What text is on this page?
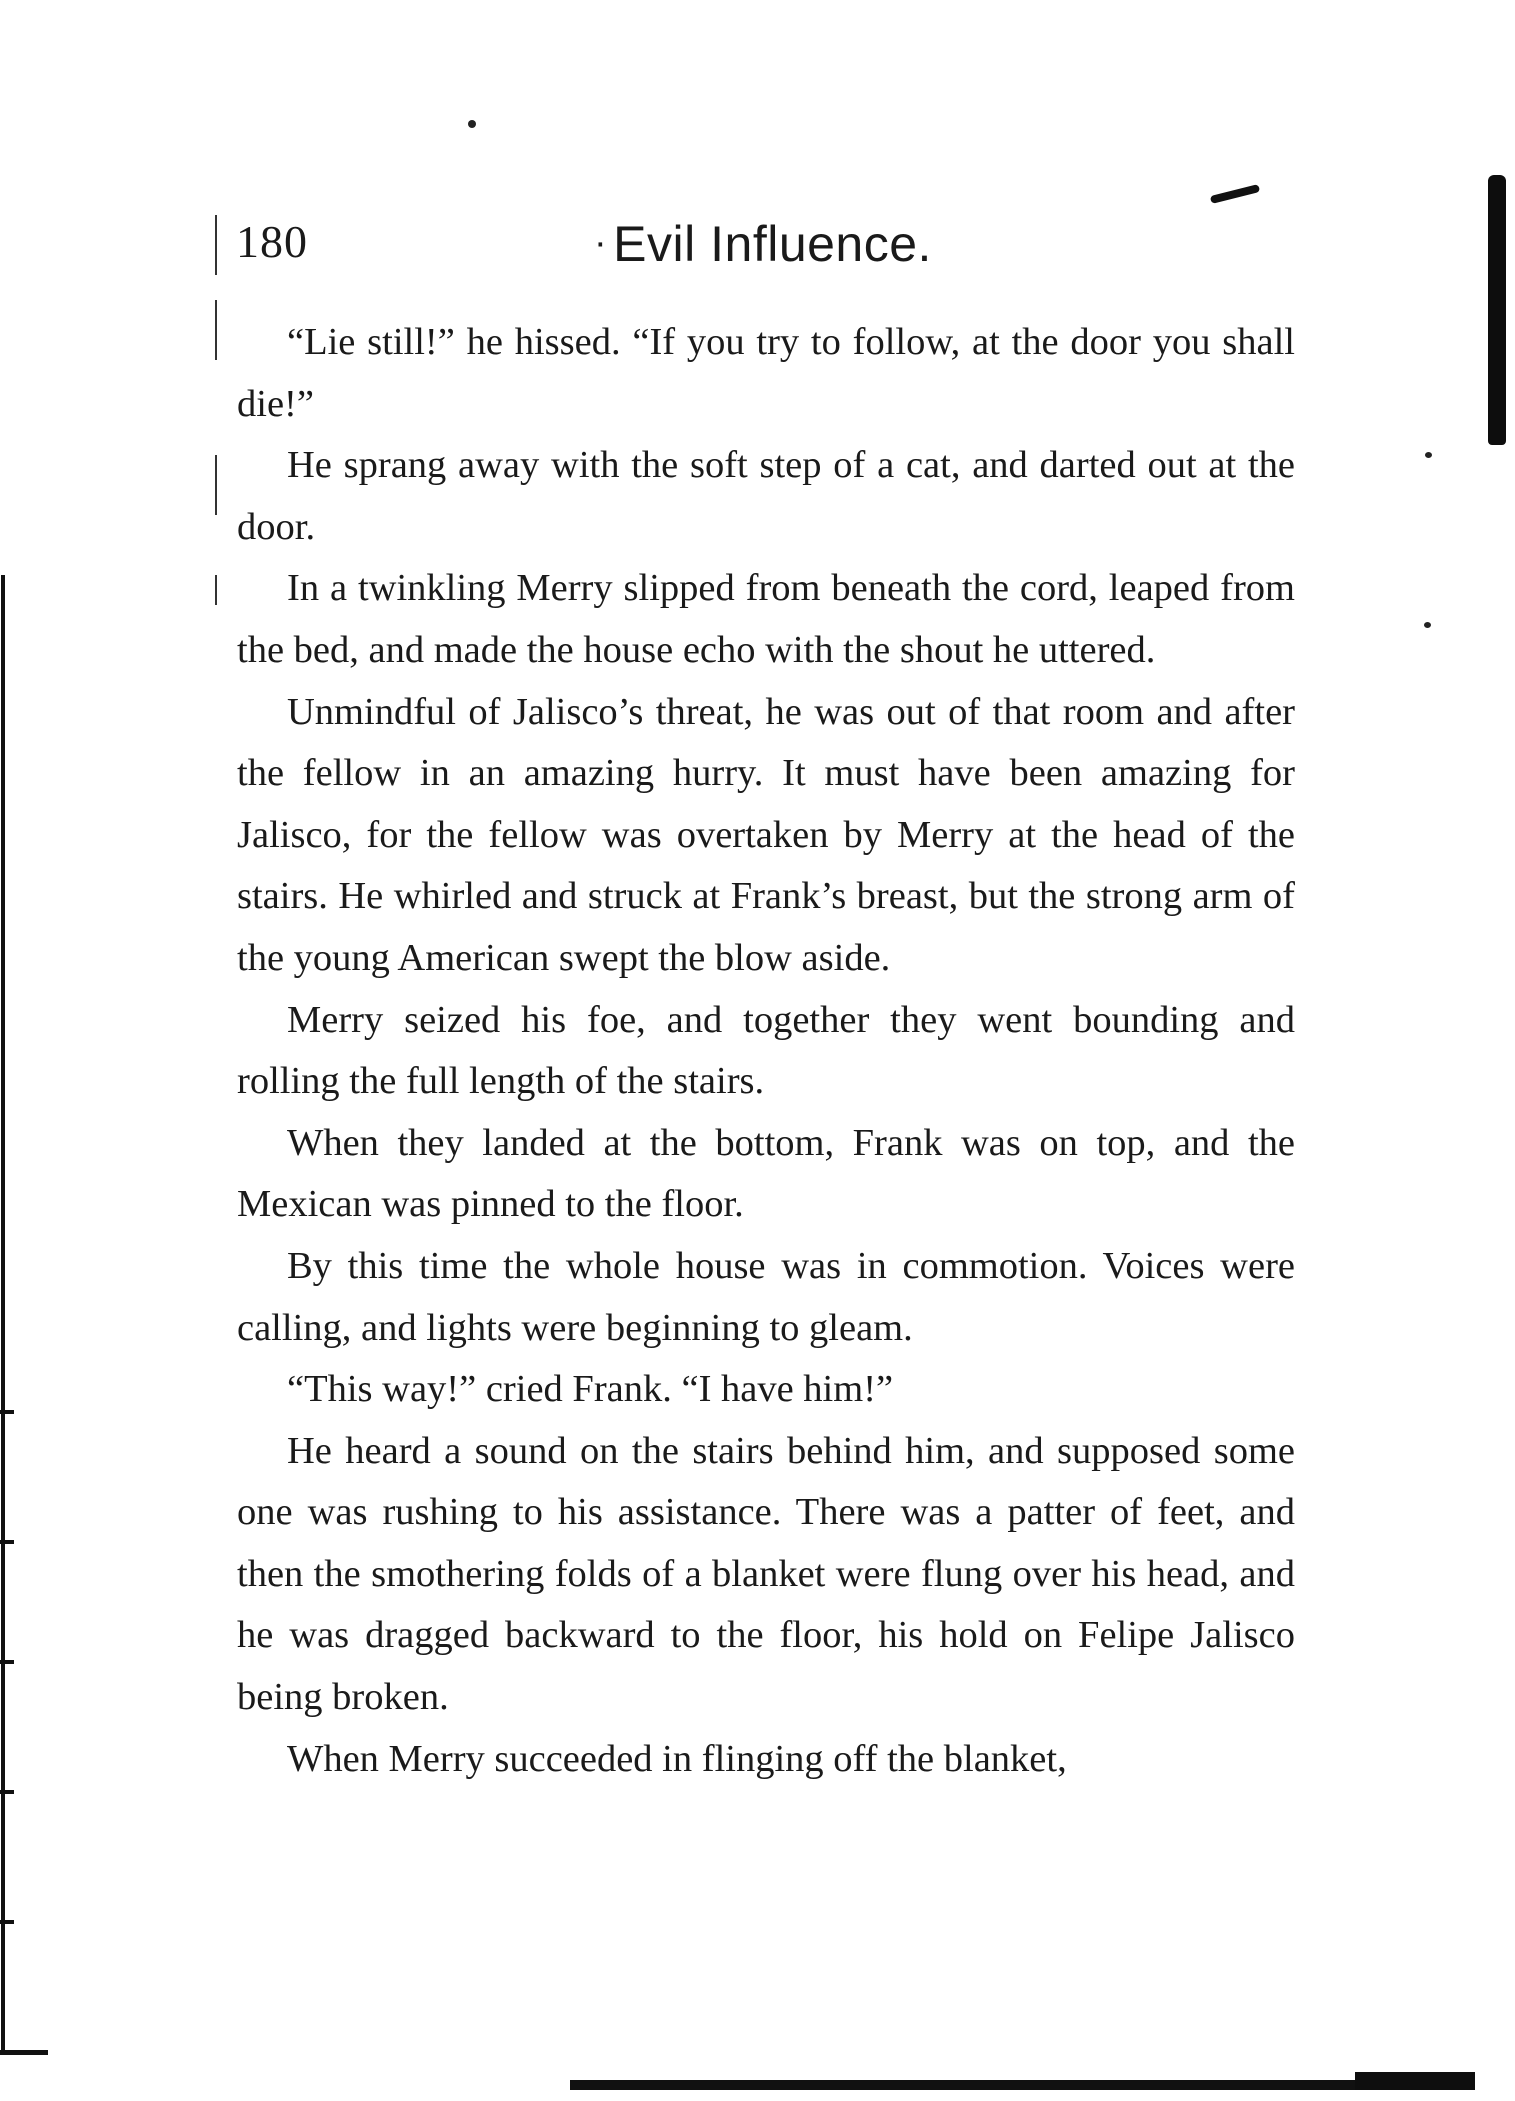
180	· Evil Influence.

“Lie still!” he hissed. “If you try to follow, at the door you shall die!”

He sprang away with the soft step of a cat, and darted out at the door.

In a twinkling Merry slipped from beneath the cord, leaped from the bed, and made the house echo with the shout he uttered.

Unmindful of Jalisco’s threat, he was out of that room and after the fellow in an amazing hurry. It must have been amazing for Jalisco, for the fellow was overtaken by Merry at the head of the stairs. He whirled and struck at Frank’s breast, but the strong arm of the young American swept the blow aside.

Merry seized his foe, and together they went bounding and rolling the full length of the stairs.

When they landed at the bottom, Frank was on top, and the Mexican was pinned to the floor.

By this time the whole house was in commotion. Voices were calling, and lights were beginning to gleam.

“This way!” cried Frank. “I have him!”

He heard a sound on the stairs behind him, and supposed some one was rushing to his assistance. There was a patter of feet, and then the smothering folds of a blanket were flung over his head, and he was dragged backward to the floor, his hold on Felipe Jalisco being broken.

When Merry succeeded in flinging off the blanket,
